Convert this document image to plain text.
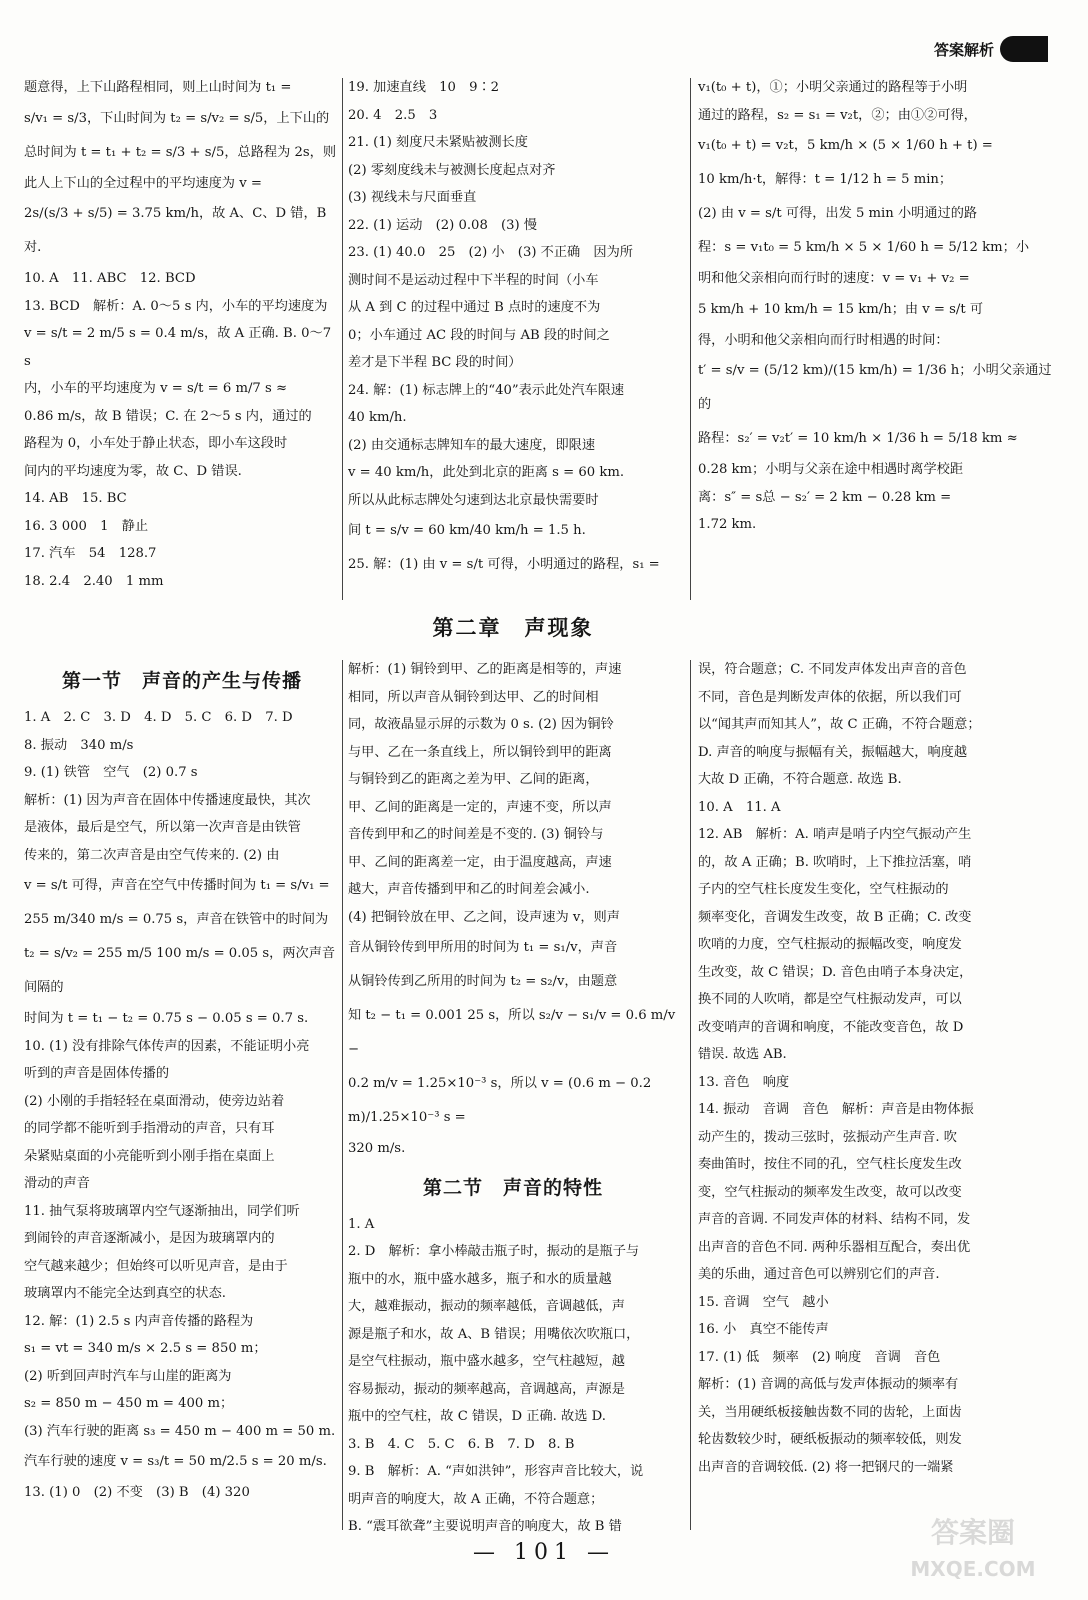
答案解析

题意得，上下山路程相同，则上山时间为 t₁ =

s/v₁ = s/3，下山时间为 t₂ = s/v₂ = s/5，上下山的

总时间为 t = t₁ + t₂ = s/3 + s/5，总路程为 2s，则

此人上下山的全过程中的平均速度为 v =

2s/(s/3 + s/5) = 3.75 km/h，故 A、C、D 错，B 对.

10. A　11. ABC　12. BCD

13. BCD　解析：A. 0～5 s 内，小车的平均速度为

v = s/t = 2 m/5 s = 0.4 m/s，故 A 正确. B. 0～7 s

内，小车的平均速度为 v = s/t = 6 m/7 s ≈

0.86 m/s，故 B 错误；C. 在 2～5 s 内，通过的

路程为 0，小车处于静止状态，即小车这段时

间内的平均速度为零，故 C、D 错误.

14. AB　15. BC

16. 3 000　1　静止

17. 汽车　54　128.7

18. 2.4　2.40　1 mm

19. 加速直线　10　9∶2

20. 4　2.5　3

21. (1) 刻度尺未紧贴被测长度

(2) 零刻度线未与被测长度起点对齐

(3) 视线未与尺面垂直

22. (1) 运动　(2) 0.08　(3) 慢

23. (1) 40.0　25　(2) 小　(3) 不正确　因为所

测时间不是运动过程中下半程的时间（小车

从 A 到 C 的过程中通过 B 点时的速度不为

0；小车通过 AC 段的时间与 AB 段的时间之

差才是下半程 BC 段的时间）

24. 解：(1) 标志牌上的“40”表示此处汽车限速

40 km/h.

(2) 由交通标志牌知车的最大速度，即限速

v = 40 km/h，此处到北京的距离 s = 60 km.

所以从此标志牌处匀速到达北京最快需要时

间 t = s/v = 60 km/40 km/h = 1.5 h.

25. 解：(1) 由 v = s/t 可得，小明通过的路程，s₁ =

v₁(t₀ + t)，①；小明父亲通过的路程等于小明

通过的路程，s₂ = s₁ = v₂t，②；由①②可得，

v₁(t₀ + t) = v₂t，5 km/h × (5 × 1/60 h + t) =

10 km/h·t，解得：t = 1/12 h = 5 min；

(2) 由 v = s/t 可得，出发 5 min 小明通过的路

程：s = v₁t₀ = 5 km/h × 5 × 1/60 h = 5/12 km；小

明和他父亲相向而行时的速度：v = v₁ + v₂ =

5 km/h + 10 km/h = 15 km/h；由 v = s/t 可

得，小明和他父亲相向而行时相遇的时间：

t′ = s/v = (5/12 km)/(15 km/h) = 1/36 h；小明父亲通过的

路程：s₂′ = v₂t′ = 10 km/h × 1/36 h = 5/18 km ≈

0.28 km；小明与父亲在途中相遇时离学校距

离：s″ = s总 − s₂′ = 2 km − 0.28 km =

1.72 km.

第二章　声现象

第一节　声音的产生与传播

1. A　2. C　3. D　4. D　5. C　6. D　7. D

8. 振动　340 m/s

9. (1) 铁管　空气　(2) 0.7 s

解析：(1) 因为声音在固体中传播速度最快，其次

是液体，最后是空气，所以第一次声音是由铁管

传来的，第二次声音是由空气传来的. (2) 由

v = s/t 可得，声音在空气中传播时间为 t₁ = s/v₁ =

255 m/340 m/s = 0.75 s，声音在铁管中的时间为

t₂ = s/v₂ = 255 m/5 100 m/s = 0.05 s，两次声音间隔的

时间为 t = t₁ − t₂ = 0.75 s − 0.05 s = 0.7 s.

10. (1) 没有排除气体传声的因素，不能证明小亮

听到的声音是固体传播的

(2) 小刚的手指轻轻在桌面滑动，使旁边站着

的同学都不能听到手指滑动的声音，只有耳

朵紧贴桌面的小亮能听到小刚手指在桌面上

滑动的声音

11. 抽气泵将玻璃罩内空气逐渐抽出，同学们听

到闹铃的声音逐渐减小，是因为玻璃罩内的

空气越来越少；但始终可以听见声音，是由于

玻璃罩内不能完全达到真空的状态.

12. 解：(1) 2.5 s 内声音传播的路程为

s₁ = vt = 340 m/s × 2.5 s = 850 m；

(2) 听到回声时汽车与山崖的距离为

s₂ = 850 m − 450 m = 400 m；

(3) 汽车行驶的距离 s₃ = 450 m − 400 m = 50 m.

汽车行驶的速度 v = s₃/t = 50 m/2.5 s = 20 m/s.

13. (1) 0　(2) 不变　(3) B　(4) 320

解析：(1) 铜铃到甲、乙的距离是相等的，声速

相同，所以声音从铜铃到达甲、乙的时间相

同，故液晶显示屏的示数为 0 s. (2) 因为铜铃

与甲、乙在一条直线上，所以铜铃到甲的距离

与铜铃到乙的距离之差为甲、乙间的距离，

甲、乙间的距离是一定的，声速不变，所以声

音传到甲和乙的时间差是不变的. (3) 铜铃与

甲、乙间的距离差一定，由于温度越高，声速

越大，声音传播到甲和乙的时间差会减小.

(4) 把铜铃放在甲、乙之间，设声速为 v，则声

音从铜铃传到甲所用的时间为 t₁ = s₁/v，声音

从铜铃传到乙所用的时间为 t₂ = s₂/v，由题意

知 t₂ − t₁ = 0.001 25 s，所以 s₂/v − s₁/v = 0.6 m/v −

0.2 m/v = 1.25×10⁻³ s，所以 v = (0.6 m − 0.2 m)/1.25×10⁻³ s =

320 m/s.

第二节　声音的特性

1. A

2. D　解析：拿小棒敲击瓶子时，振动的是瓶子与

瓶中的水，瓶中盛水越多，瓶子和水的质量越

大，越难振动，振动的频率越低，音调越低，声

源是瓶子和水，故 A、B 错误；用嘴依次吹瓶口，

是空气柱振动，瓶中盛水越多，空气柱越短，越

容易振动，振动的频率越高，音调越高，声源是

瓶中的空气柱，故 C 错误，D 正确. 故选 D.

3. B　4. C　5. C　6. B　7. D　8. B

9. B　解析：A. “声如洪钟”，形容声音比较大，说

明声音的响度大，故 A 正确，不符合题意；

B. “震耳欲聋”主要说明声音的响度大，故 B 错

误，符合题意；C. 不同发声体发出声音的音色

不同，音色是判断发声体的依据，所以我们可

以“闻其声而知其人”，故 C 正确，不符合题意；

D. 声音的响度与振幅有关，振幅越大，响度越

大故 D 正确，不符合题意. 故选 B.

10. A　11. A

12. AB　解析：A. 哨声是哨子内空气振动产生

的，故 A 正确；B. 吹哨时，上下推拉活塞，哨

子内的空气柱长度发生变化，空气柱振动的

频率变化，音调发生改变，故 B 正确；C. 改变

吹哨的力度，空气柱振动的振幅改变，响度发

生改变，故 C 错误；D. 音色由哨子本身决定，

换不同的人吹哨，都是空气柱振动发声，可以

改变哨声的音调和响度，不能改变音色，故 D

错误. 故选 AB.

13. 音色　响度

14. 振动　音调　音色　解析：声音是由物体振

动产生的，拨动三弦时，弦振动产生声音. 吹

奏曲笛时，按住不同的孔，空气柱长度发生改

变，空气柱振动的频率发生改变，故可以改变

声音的音调. 不同发声体的材料、结构不同，发

出声音的音色不同. 两种乐器相互配合，奏出优

美的乐曲，通过音色可以辨别它们的声音.

15. 音调　空气　越小

16. 小　真空不能传声

17. (1) 低　频率　(2) 响度　音调　音色

解析：(1) 音调的高低与发声体振动的频率有

关，当用硬纸板接触齿数不同的齿轮，上面齿

轮齿数较少时，硬纸板振动的频率较低，则发

出声音的音调较低. (2) 将一把钢尺的一端紧

— 101 —
答案圈
MXQE.COM
